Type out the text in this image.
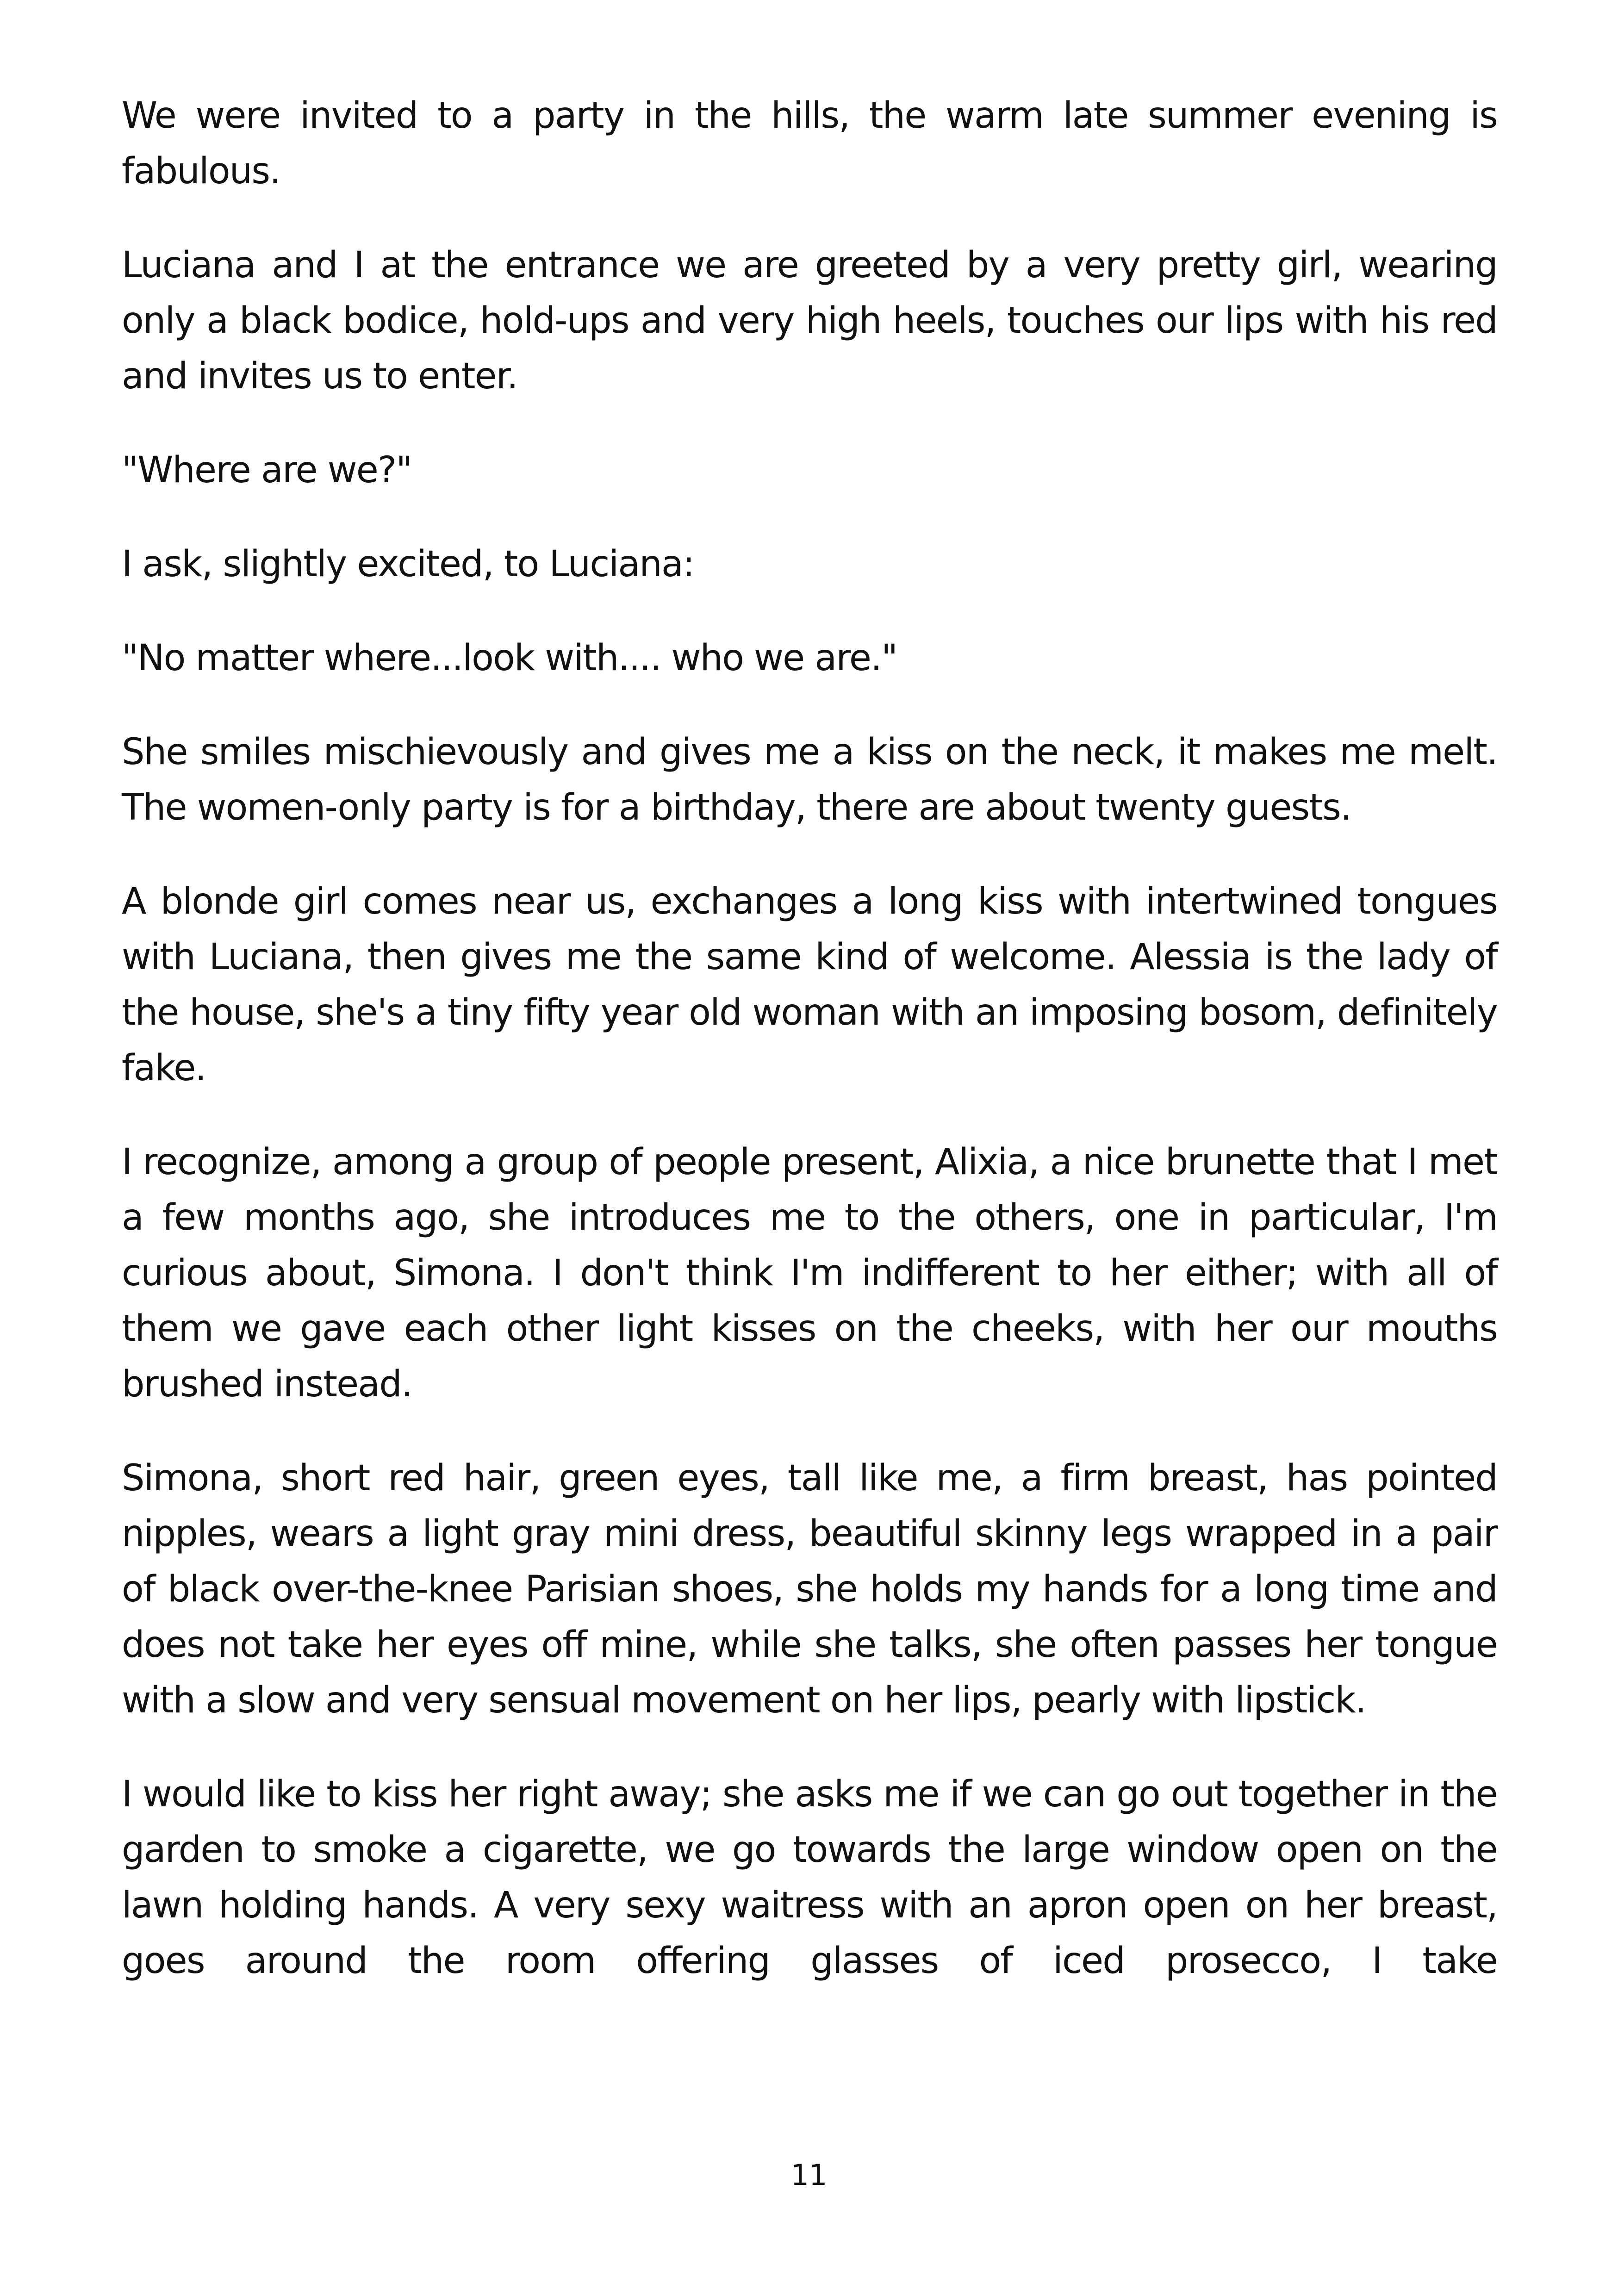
We were invited to a party in the hills, the warm late summer evening is fabulous.

Luciana and I at the entrance we are greeted by a very pretty girl, wearing only a black bodice, hold-ups and very high heels, touches our lips with his red and invites us to enter.

"Where are we?"

I ask, slightly excited, to Luciana:

"No matter where...look with.... who we are."

She smiles mischievously and gives me a kiss on the neck, it makes me melt. The women-only party is for a birthday, there are about twenty guests.

A blonde girl comes near us, exchanges a long kiss with intertwined tongues with Luciana, then gives me the same kind of welcome. Alessia is the lady of the house, she's a tiny fifty year old woman with an imposing bosom, definitely fake.

I recognize, among a group of people present, Alixia, a nice brunette that I met a few months ago, she introduces me to the others, one in particular, I'm curious about, Simona. I don't think I'm indifferent to her either; with all of them we gave each other light kisses on the cheeks, with her our mouths brushed instead.

Simona, short red hair, green eyes, tall like me, a firm breast, has pointed nipples, wears a light gray mini dress, beautiful skinny legs wrapped in a pair of black over-the-knee Parisian shoes, she holds my hands for a long time and does not take her eyes off mine, while she talks, she often passes her tongue with a slow and very sensual movement on her lips, pearly with lipstick.

I would like to kiss her right away; she asks me if we can go out together in the garden to smoke a cigarette, we go towards the large window open on the lawn holding hands. A very sexy waitress with an apron open on her breast, goes around the room offering glasses of iced prosecco, I take

11
